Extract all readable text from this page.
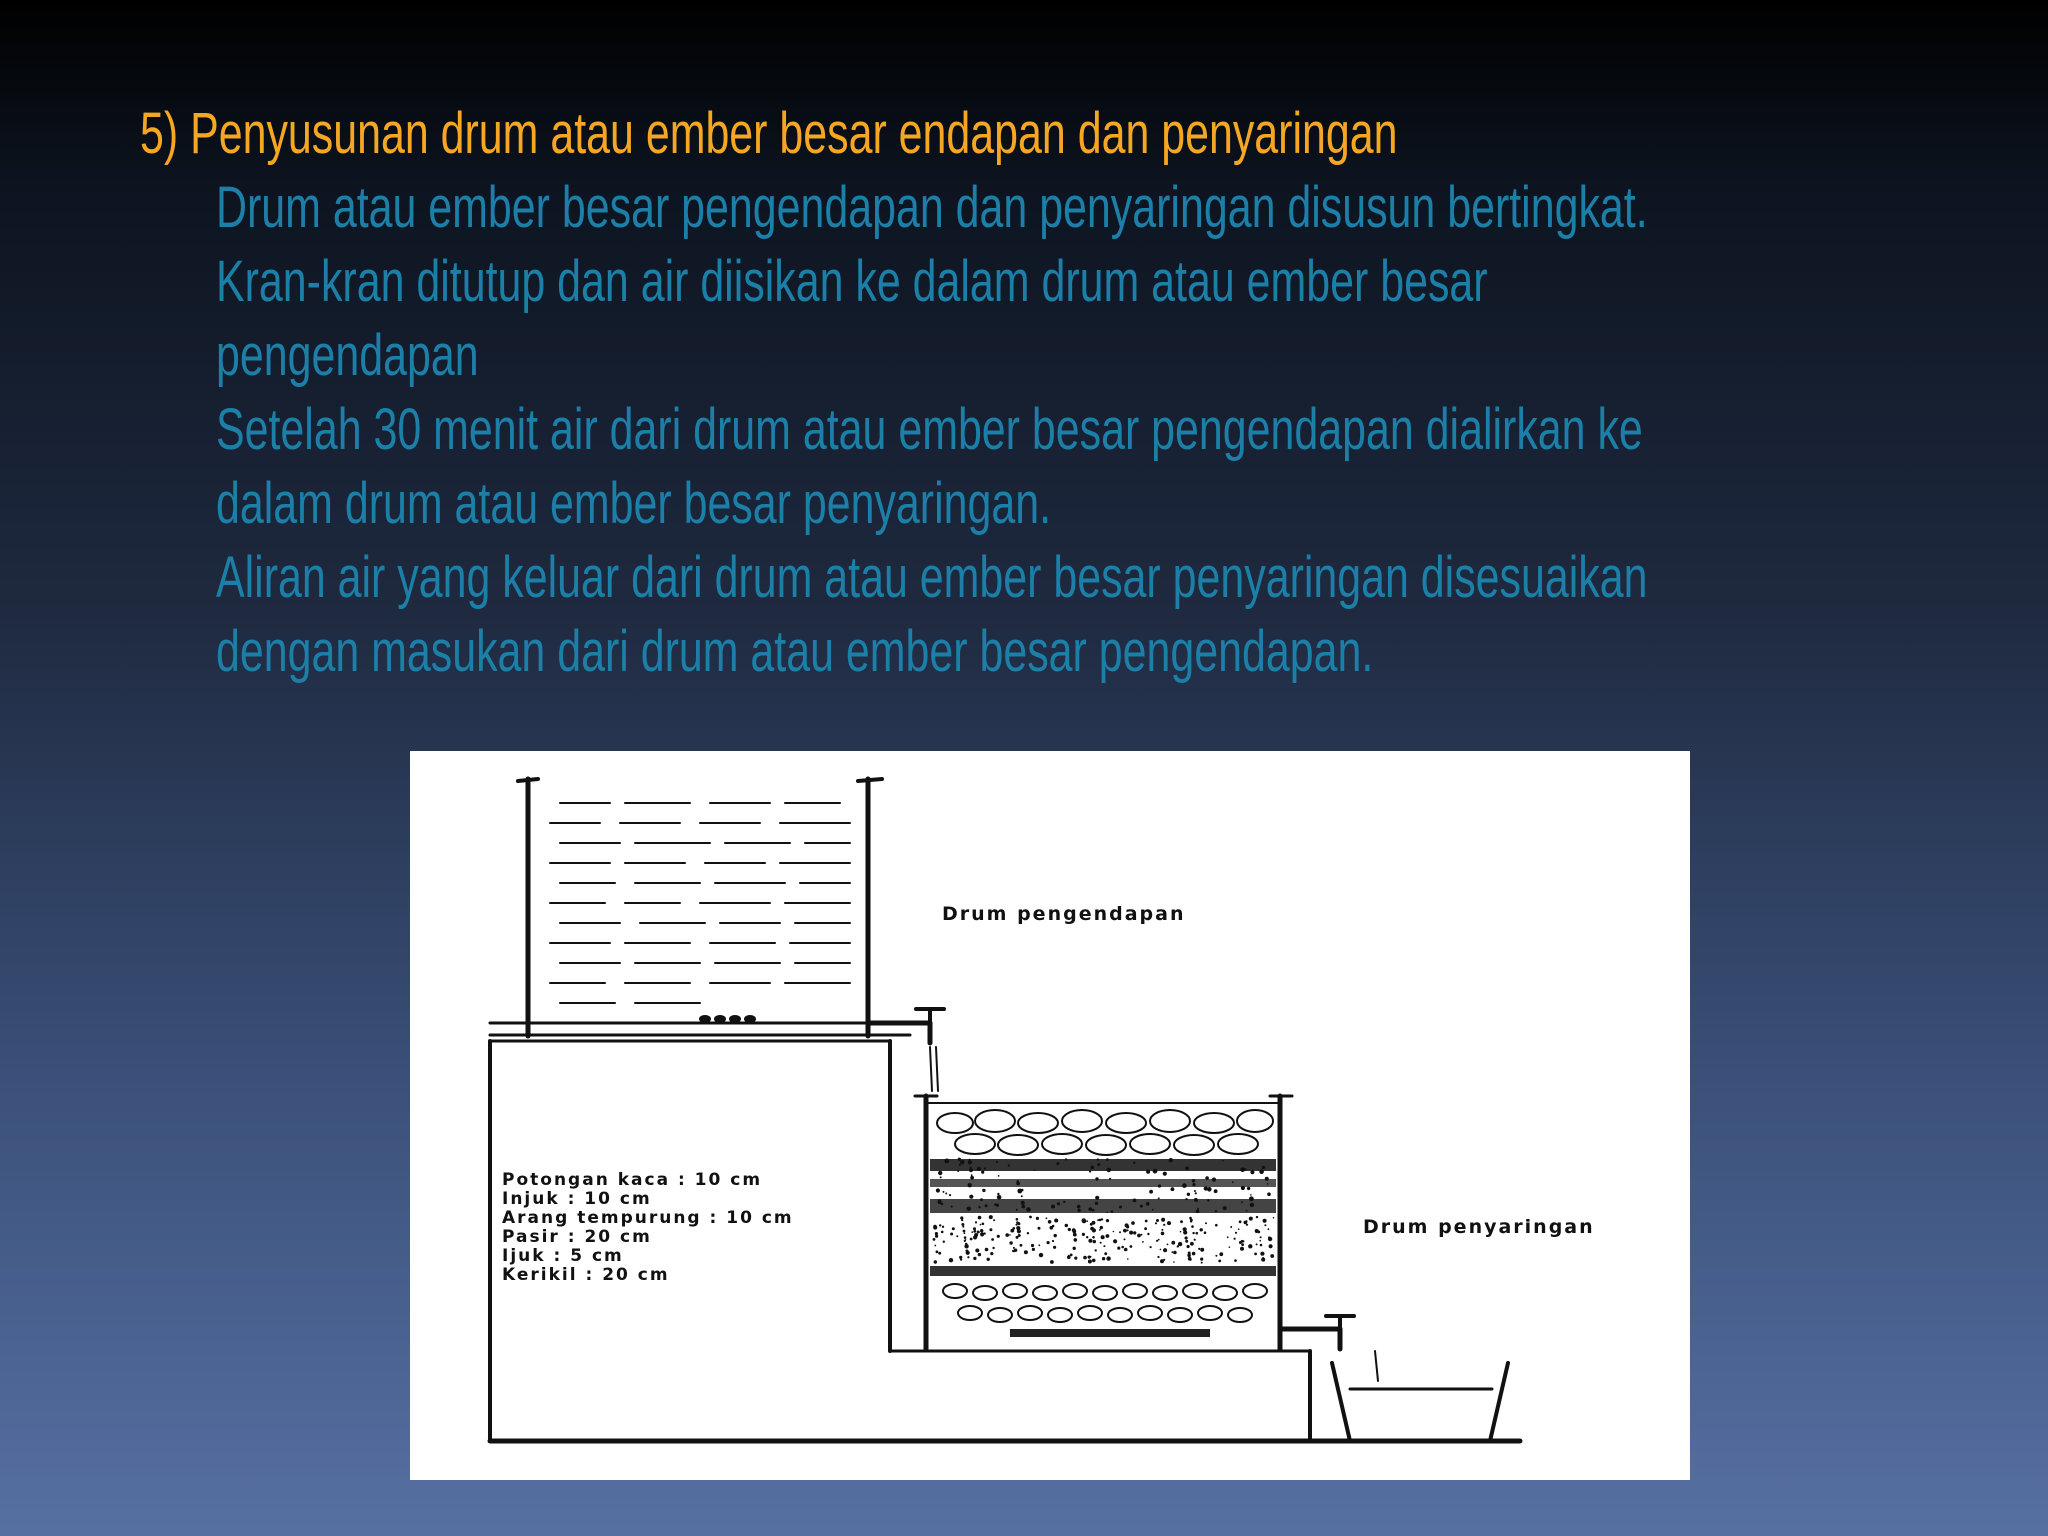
5) Penyusunan drum atau ember besar endapan dan penyaringan
Drum atau ember besar pengendapan dan penyaringan disusun bertingkat.
Kran-kran ditutup dan air diisikan ke dalam drum atau ember besar
pengendapan
Setelah 30 menit air dari drum atau ember besar pengendapan dialirkan ke
dalam drum atau ember besar penyaringan.
Aliran air yang keluar dari drum atau ember besar penyaringan disesuaikan
dengan masukan dari drum atau ember besar pengendapan.
Drum pengendapan
Drum penyaringan
Potongan kaca : 10 cm
Injuk : 10 cm
Arang tempurung : 10 cm
Pasir : 20 cm
Ijuk : 5 cm
Kerikil : 20 cm
